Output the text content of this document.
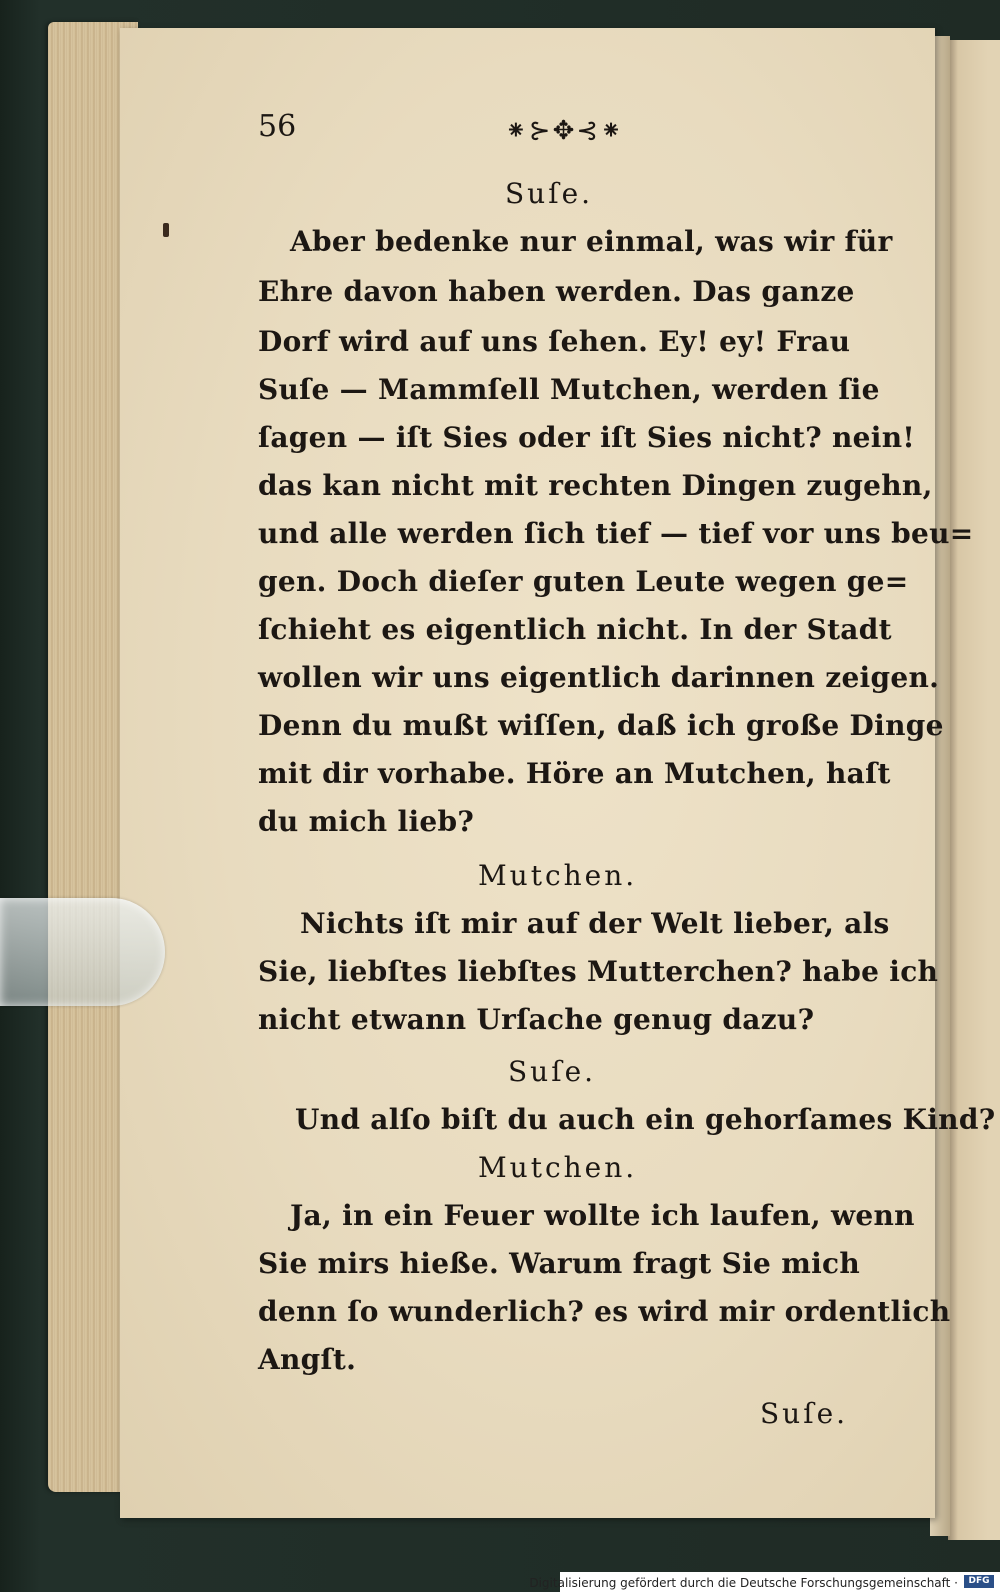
56	⁕⊱✥⊰⁕
Suſe.
Aber bedenke nur einmal, was wir für
Ehre davon haben werden. Das ganze
Dorf wird auf uns ſehen. Ey! ey! Frau
Suſe — Mammſell Mutchen, werden ſie
ſagen — iſt Sies oder iſt Sies nicht? nein!
das kan nicht mit rechten Dingen zugehn,
und alle werden ſich tief — tief vor uns beu=
gen. Doch dieſer guten Leute wegen ge=
ſchieht es eigentlich nicht. In der Stadt
wollen wir uns eigentlich darinnen zeigen.
Denn du mußt wiſſen, daß ich große Dinge
mit dir vorhabe. Höre an Mutchen, haſt
du mich lieb?
Mutchen.
Nichts iſt mir auf der Welt lieber, als
Sie, liebſtes liebſtes Mutterchen? habe ich
nicht etwann Urſache genug dazu?
Suſe.
Und alſo biſt du auch ein gehorſames Kind?
Mutchen.
Ja, in ein Feuer wollte ich laufen, wenn
Sie mirs hieße. Warum fragt Sie mich
denn ſo wunderlich? es wird mir ordentlich
Angſt.
Suſe.
Digitalisierung gefördert durch die Deutsche Forschungsgemeinschaft ·	DFG
